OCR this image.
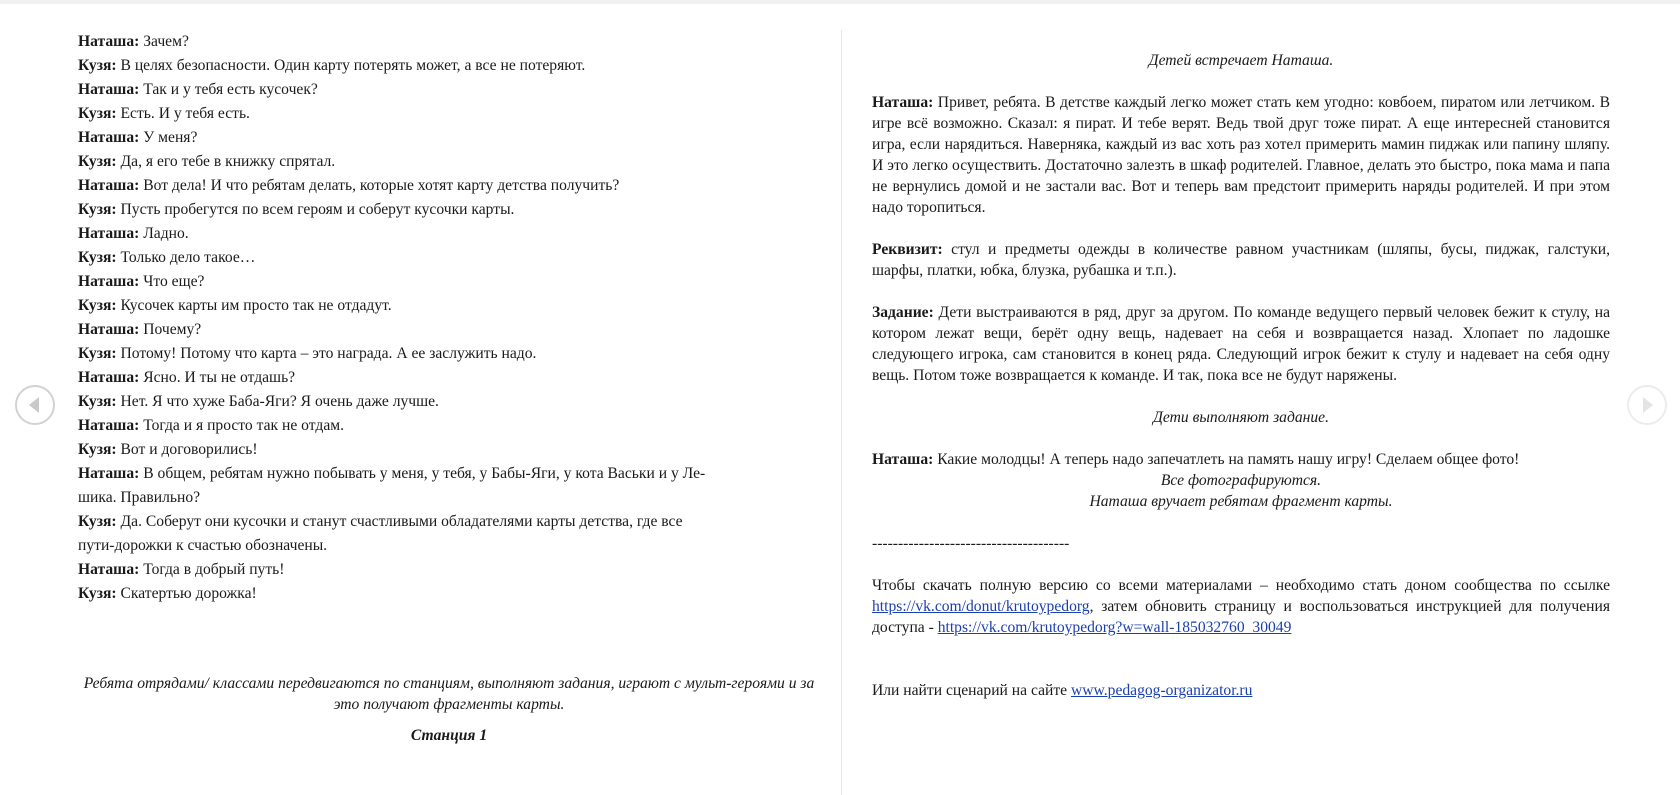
Наташа: Зачем?
Кузя: В целях безопасности. Один карту потерять может, а все не потеряют.
Наташа: Так и у тебя есть кусочек?
Кузя: Есть. И у тебя есть.
Наташа: У меня?
Кузя: Да, я его тебе в книжку спрятал.
Наташа: Вот дела! И что ребятам делать, которые хотят карту детства получить?
Кузя: Пусть пробегутся по всем героям и соберут кусочки карты.
Наташа: Ладно.
Кузя: Только дело такое…
Наташа: Что еще?
Кузя: Кусочек карты им просто так не отдадут.
Наташа: Почему?
Кузя: Потому! Потому что карта – это награда. А ее заслужить надо.
Наташа: Ясно. И ты не отдашь?
Кузя: Нет. Я что хуже Баба-Яги? Я очень даже лучше.
Наташа: Тогда и я просто так не отдам.
Кузя: Вот и договорились!
Наташа: В общем, ребятам нужно побывать у меня, у тебя, у Бабы-Яги, у кота Васьки и у Ле-
шика. Правильно?
Кузя: Да. Соберут они кусочки и станут счастливыми обладателями карты детства, где все
пути-дорожки к счастью обозначены.
Наташа: Тогда в добрый путь!
Кузя: Скатертью дорожка!
Ребята отрядами/ классами передвигаются по станциям, выполняют задания, играют с мульт-героями и за это получают фрагменты карты.
Станция 1
Детей встречает Наташа.
Наташа: Привет, ребята. В детстве каждый легко может стать кем угодно: ковбоем, пиратом или летчиком. В игре всё возможно. Сказал: я пират. И тебе верят. Ведь твой друг тоже пират. А еще интересней становится игра, если нарядиться. Наверняка, каждый из вас хоть раз хотел примерить мамин пиджак или папину шляпу. И это легко осуществить. Достаточно залезть в шкаф родителей. Главное, делать это быстро, пока мама и папа не вернулись домой и не застали вас. Вот и теперь вам предстоит примерить наряды родителей. И при этом надо торопиться.
Реквизит: стул и предметы одежды в количестве равном участникам (шляпы, бусы, пиджак, галстуки, шарфы, платки, юбка, блузка, рубашка и т.п.).
Задание: Дети выстраиваются в ряд, друг за другом. По команде ведущего первый человек бежит к стулу, на котором лежат вещи, берёт одну вещь, надевает на себя и возвращается назад. Хлопает по ладошке следующего игрока, сам становится в конец ряда. Следующий игрок бежит к стулу и надевает на себя одну вещь. Потом тоже возвращается к команде. И так, пока все не будут наряжены.
Дети выполняют задание.
Наташа: Какие молодцы! А теперь надо запечатлеть на память нашу игру! Сделаем общее фото!
Все фотографируются.
Наташа вручает ребятам фрагмент карты.
--------------------------------------
Чтобы скачать полную версию со всеми материалами – необходимо стать доном сообщества по ссылке https://vk.com/donut/krutoypedorg, затем обновить страницу и воспользоваться инструкцией для получения доступа - https://vk.com/krutoypedorg?w=wall-185032760_30049
Или найти сценарий на сайте www.pedagog-organizator.ru
